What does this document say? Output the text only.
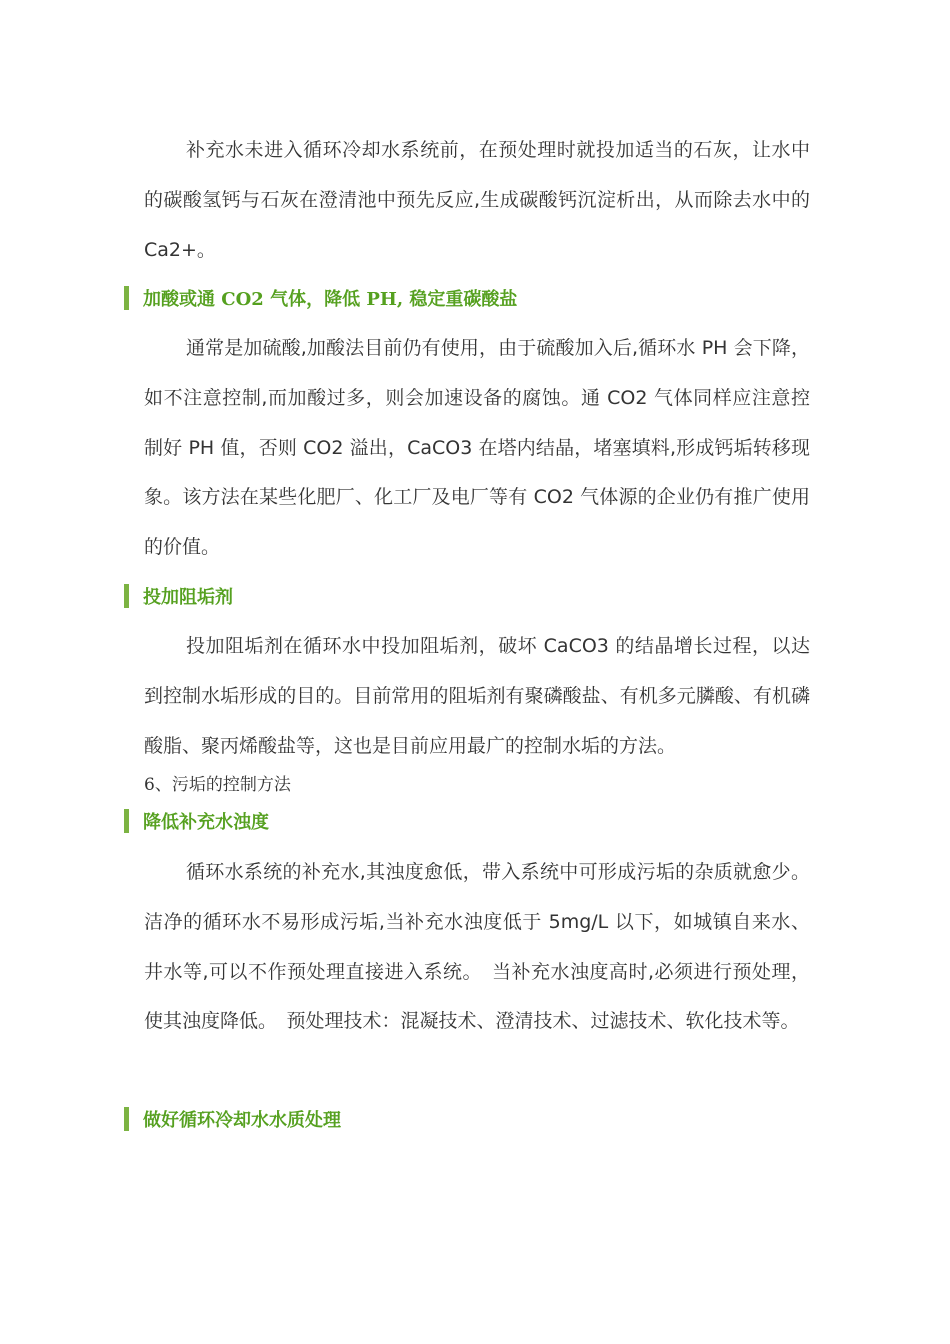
补充水未进入循环冷却水系统前，在预处理时就投加适当的石灰，让水中的碳酸氢钙与石灰在澄清池中预先反应,生成碳酸钙沉淀析出，从而除去水中的 Ca2+。

加酸或通 CO2 气体，降低 PH, 稳定重碳酸盐

通常是加硫酸,加酸法目前仍有使用，由于硫酸加入后,循环水 PH 会下降，如不注意控制,而加酸过多，则会加速设备的腐蚀。通 CO2 气体同样应注意控制好 PH 值，否则 CO2 溢出，CaCO3 在塔内结晶，堵塞填料,形成钙垢转移现象。该方法在某些化肥厂、化工厂及电厂等有 CO2 气体源的企业仍有推广使用的价值。

投加阻垢剂

投加阻垢剂在循环水中投加阻垢剂，破坏 CaCO3 的结晶增长过程，以达到控制水垢形成的目的。目前常用的阻垢剂有聚磷酸盐、有机多元膦酸、有机磷酸脂、聚丙烯酸盐等，这也是目前应用最广的控制水垢的方法。

6、污垢的控制方法
降低补充水浊度

循环水系统的补充水,其浊度愈低，带入系统中可形成污垢的杂质就愈少。洁净的循环水不易形成污垢,当补充水浊度低于 5mg/L 以下，如城镇自来水、井水等,可以不作预处理直接进入系统。　当补充水浊度高时,必须进行预处理，使其浊度降低。　预处理技术：混凝技术、澄清技术、过滤技术、软化技术等。

做好循环冷却水水质处理
